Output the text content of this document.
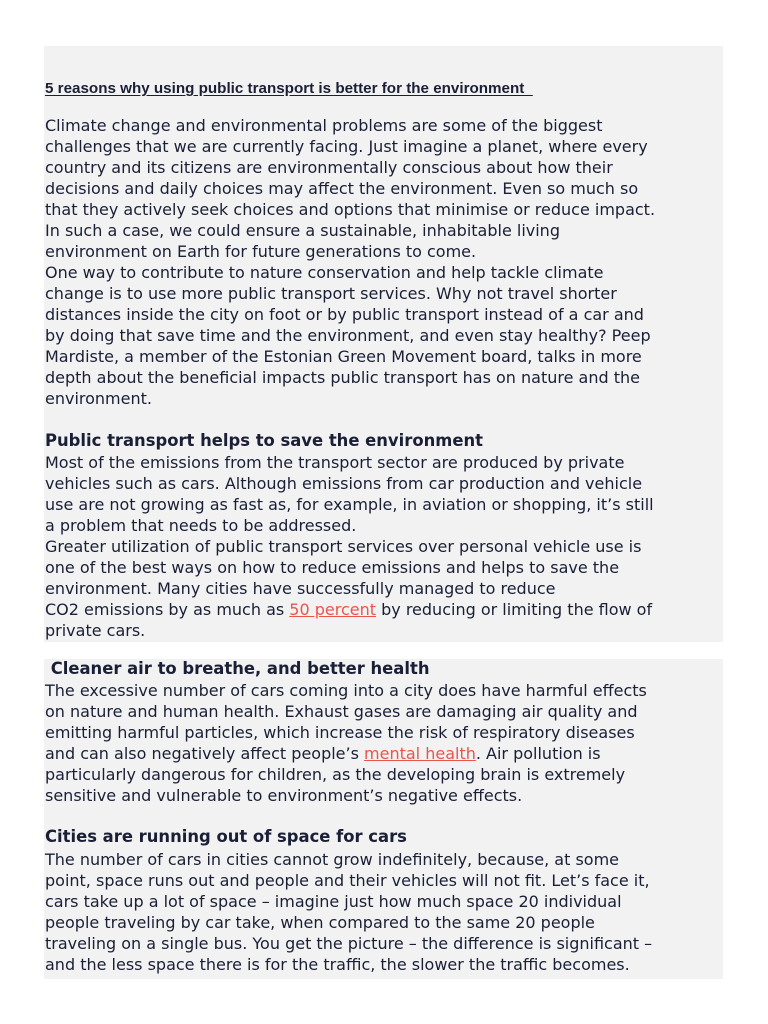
5 reasons why using public transport is better for the environment

Climate change and environmental problems are some of the biggest
challenges that we are currently facing. Just imagine a planet, where every
country and its citizens are environmentally conscious about how their
decisions and daily choices may affect the environment. Even so much so
that they actively seek choices and options that minimise or reduce impact.
In such a case, we could ensure a sustainable, inhabitable living
environment on Earth for future generations to come.
One way to contribute to nature conservation and help tackle climate
change is to use more public transport services. Why not travel shorter
distances inside the city on foot or by public transport instead of a car and
by doing that save time and the environment, and even stay healthy? Peep
Mardiste, a member of the Estonian Green Movement board, talks in more
depth about the beneficial impacts public transport has on nature and the
environment.

Public transport helps to save the environment

Most of the emissions from the transport sector are produced by private
vehicles such as cars. Although emissions from car production and vehicle
use are not growing as fast as, for example, in aviation or shopping, it’s still
a problem that needs to be addressed.
Greater utilization of public transport services over personal vehicle use is
one of the best ways on how to reduce emissions and helps to save the
environment. Many cities have successfully managed to reduce
CO2 emissions by as much as 50 percent by reducing or limiting the flow of
private cars.

Cleaner air to breathe, and better health

The excessive number of cars coming into a city does have harmful effects
on nature and human health. Exhaust gases are damaging air quality and
emitting harmful particles, which increase the risk of respiratory diseases
and can also negatively affect people’s mental health. Air pollution is
particularly dangerous for children, as the developing brain is extremely
sensitive and vulnerable to environment’s negative effects.

Cities are running out of space for cars

The number of cars in cities cannot grow indefinitely, because, at some
point, space runs out and people and their vehicles will not fit. Let’s face it,
cars take up a lot of space – imagine just how much space 20 individual
people traveling by car take, when compared to the same 20 people
traveling on a single bus. You get the picture – the difference is significant –
and the less space there is for the traffic, the slower the traffic becomes.
